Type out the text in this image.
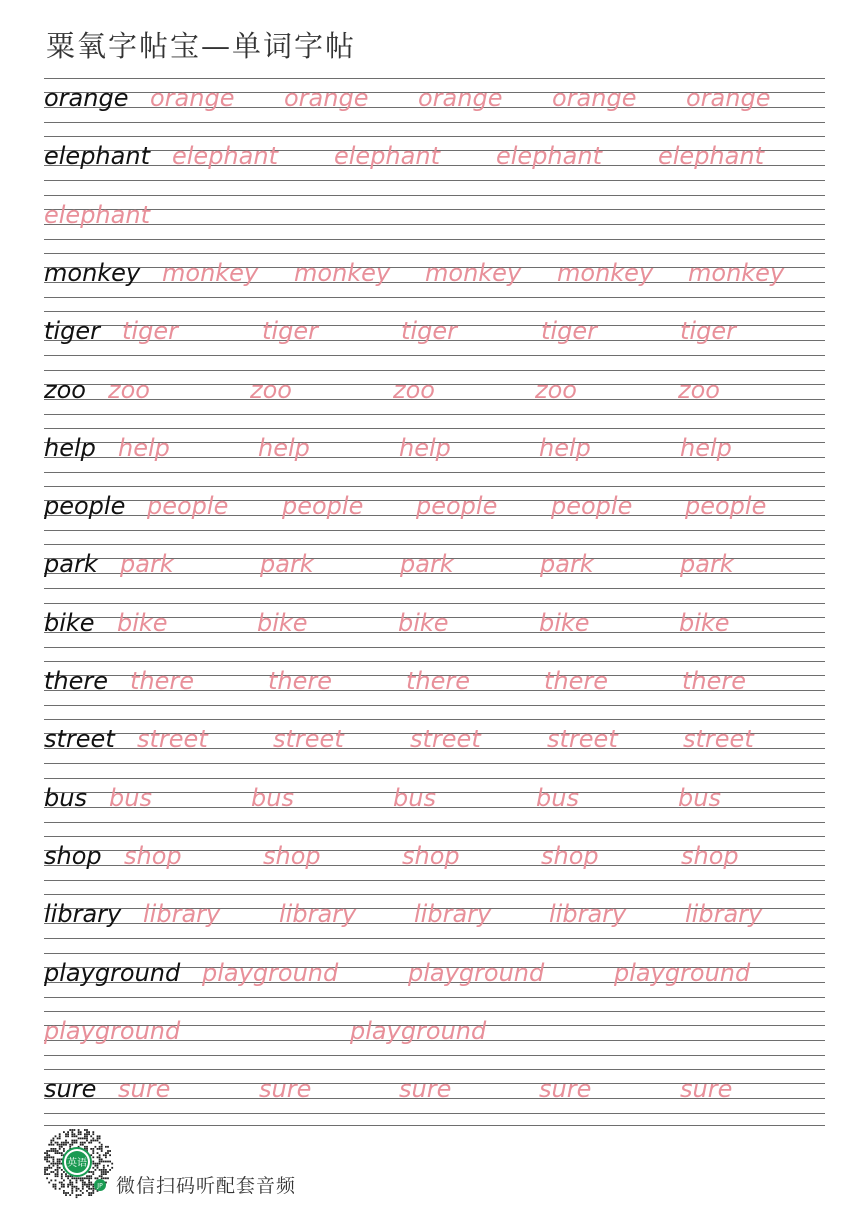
粟氧字帖宝—单词字帖
orange orange orange orange orange orange
elephant elephant elephant elephant elephant
elephant
monkey monkey monkey monkey monkey monkey
tiger tiger	tiger	tiger	tiger	tiger
zoo zoo	zoo	zoo	zoo	zoo
help help	help	help	help	help
people people people people people people
park park	park	park	park	park
bike bike	bike	bike	bike	bike
there there	there	there	there	there
street street	street	street	street	street
bus bus	bus	bus	bus	bus
shop shop	shop	shop	shop	shop
library library library library library library
playground playground	playground	playground
playground	playground
sure sure	sure	sure	sure	sure
英语
JP 微信扫码听配套音频
